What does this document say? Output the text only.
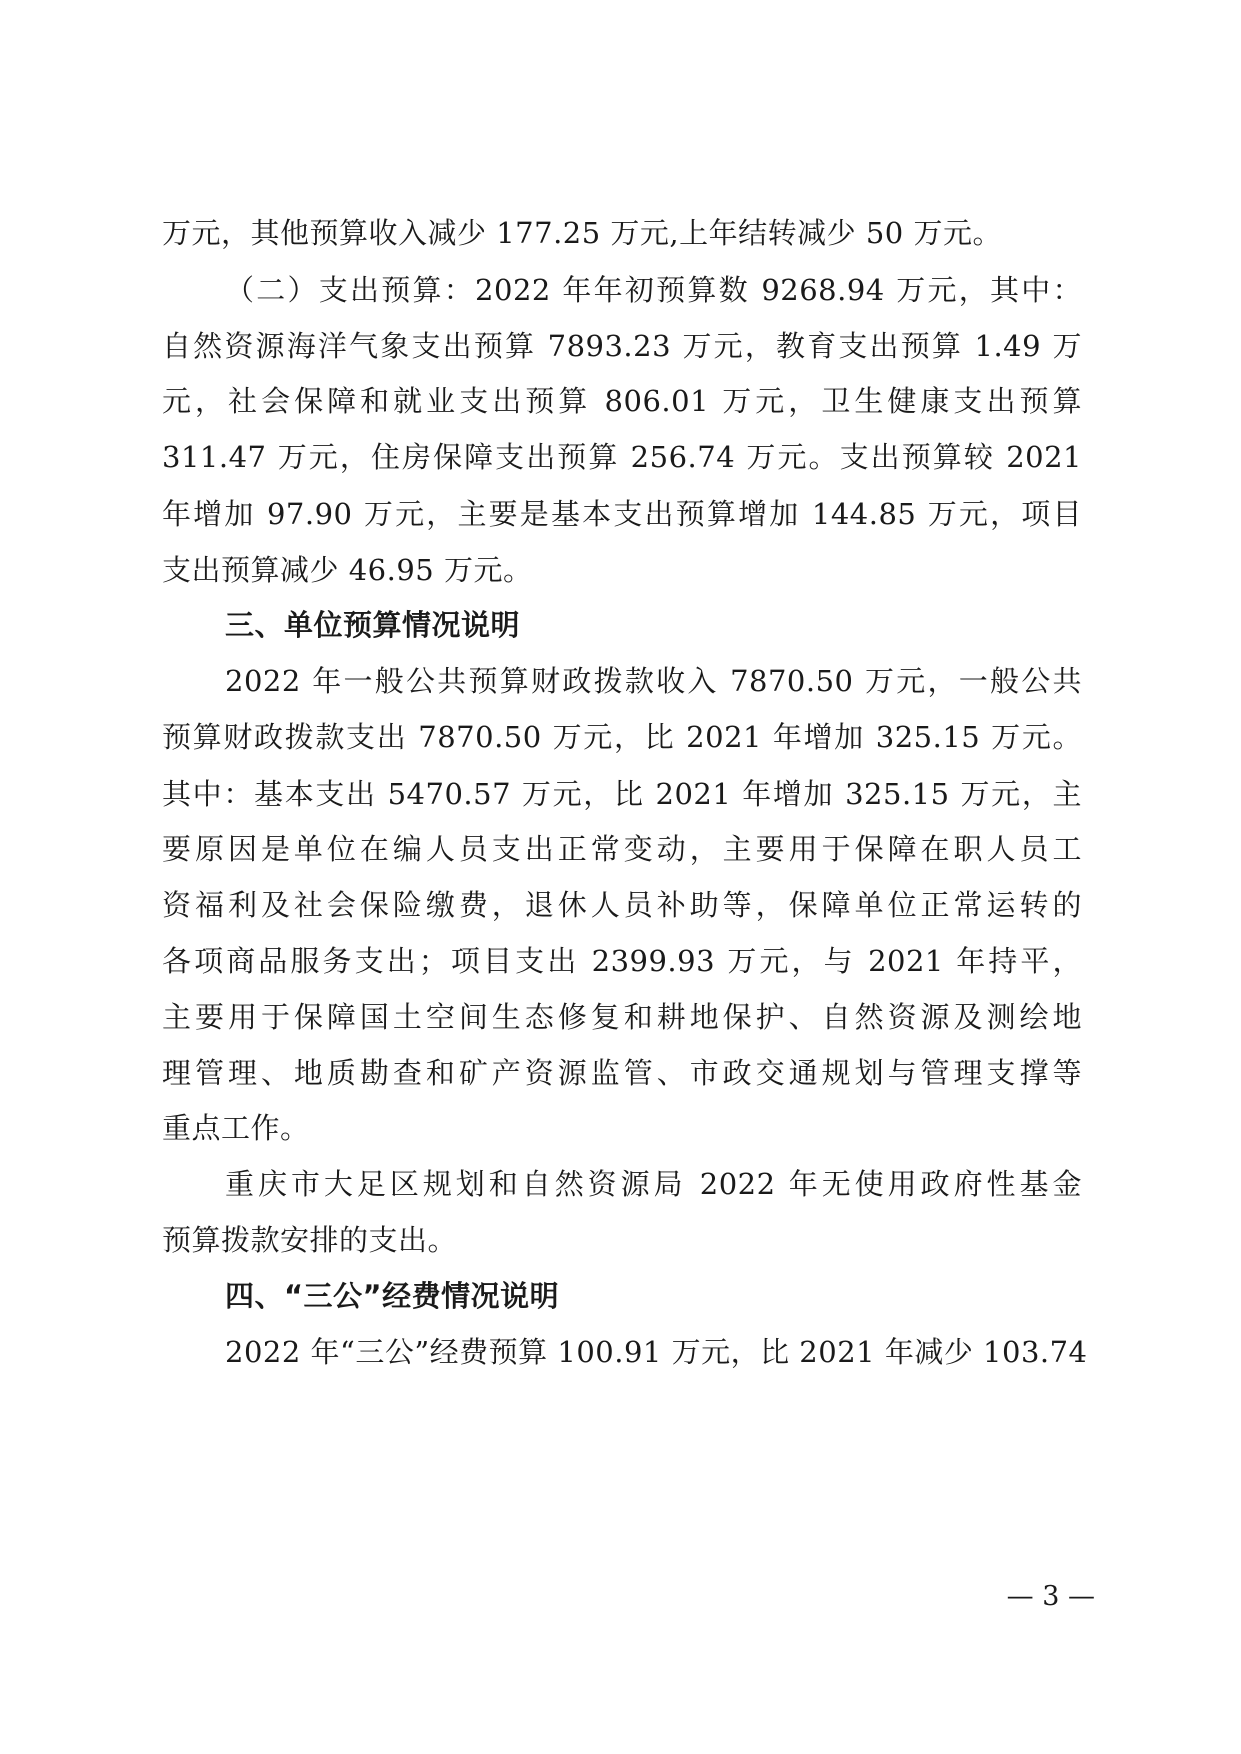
万元，其他预算收入减少 177.25 万元,上年结转减少 50 万元。
（二）支出预算：2022 年年初预算数 9268.94 万元，其中：
自然资源海洋气象支出预算 7893.23 万元，教育支出预算 1.49 万
元，社会保障和就业支出预算 806.01 万元，卫生健康支出预算
311.47 万元，住房保障支出预算 256.74 万元。支出预算较 2021
年增加 97.90 万元，主要是基本支出预算增加 144.85 万元，项目
支出预算减少 46.95 万元。
三、单位预算情况说明
2022 年一般公共预算财政拨款收入 7870.50 万元，一般公共
预算财政拨款支出 7870.50 万元，比 2021 年增加 325.15 万元。
其中：基本支出 5470.57 万元，比 2021 年增加 325.15 万元，主
要原因是单位在编人员支出正常变动，主要用于保障在职人员工
资福利及社会保险缴费，退休人员补助等，保障单位正常运转的
各项商品服务支出；项目支出 2399.93 万元，与 2021 年持平，
主要用于保障国土空间生态修复和耕地保护、自然资源及测绘地
理管理、地质勘查和矿产资源监管、市政交通规划与管理支撑等
重点工作。
重庆市大足区规划和自然资源局 2022 年无使用政府性基金
预算拨款安排的支出。
四、“三公”经费情况说明
2022 年“三公”经费预算 100.91 万元，比 2021 年减少 103.74
— 3 —
